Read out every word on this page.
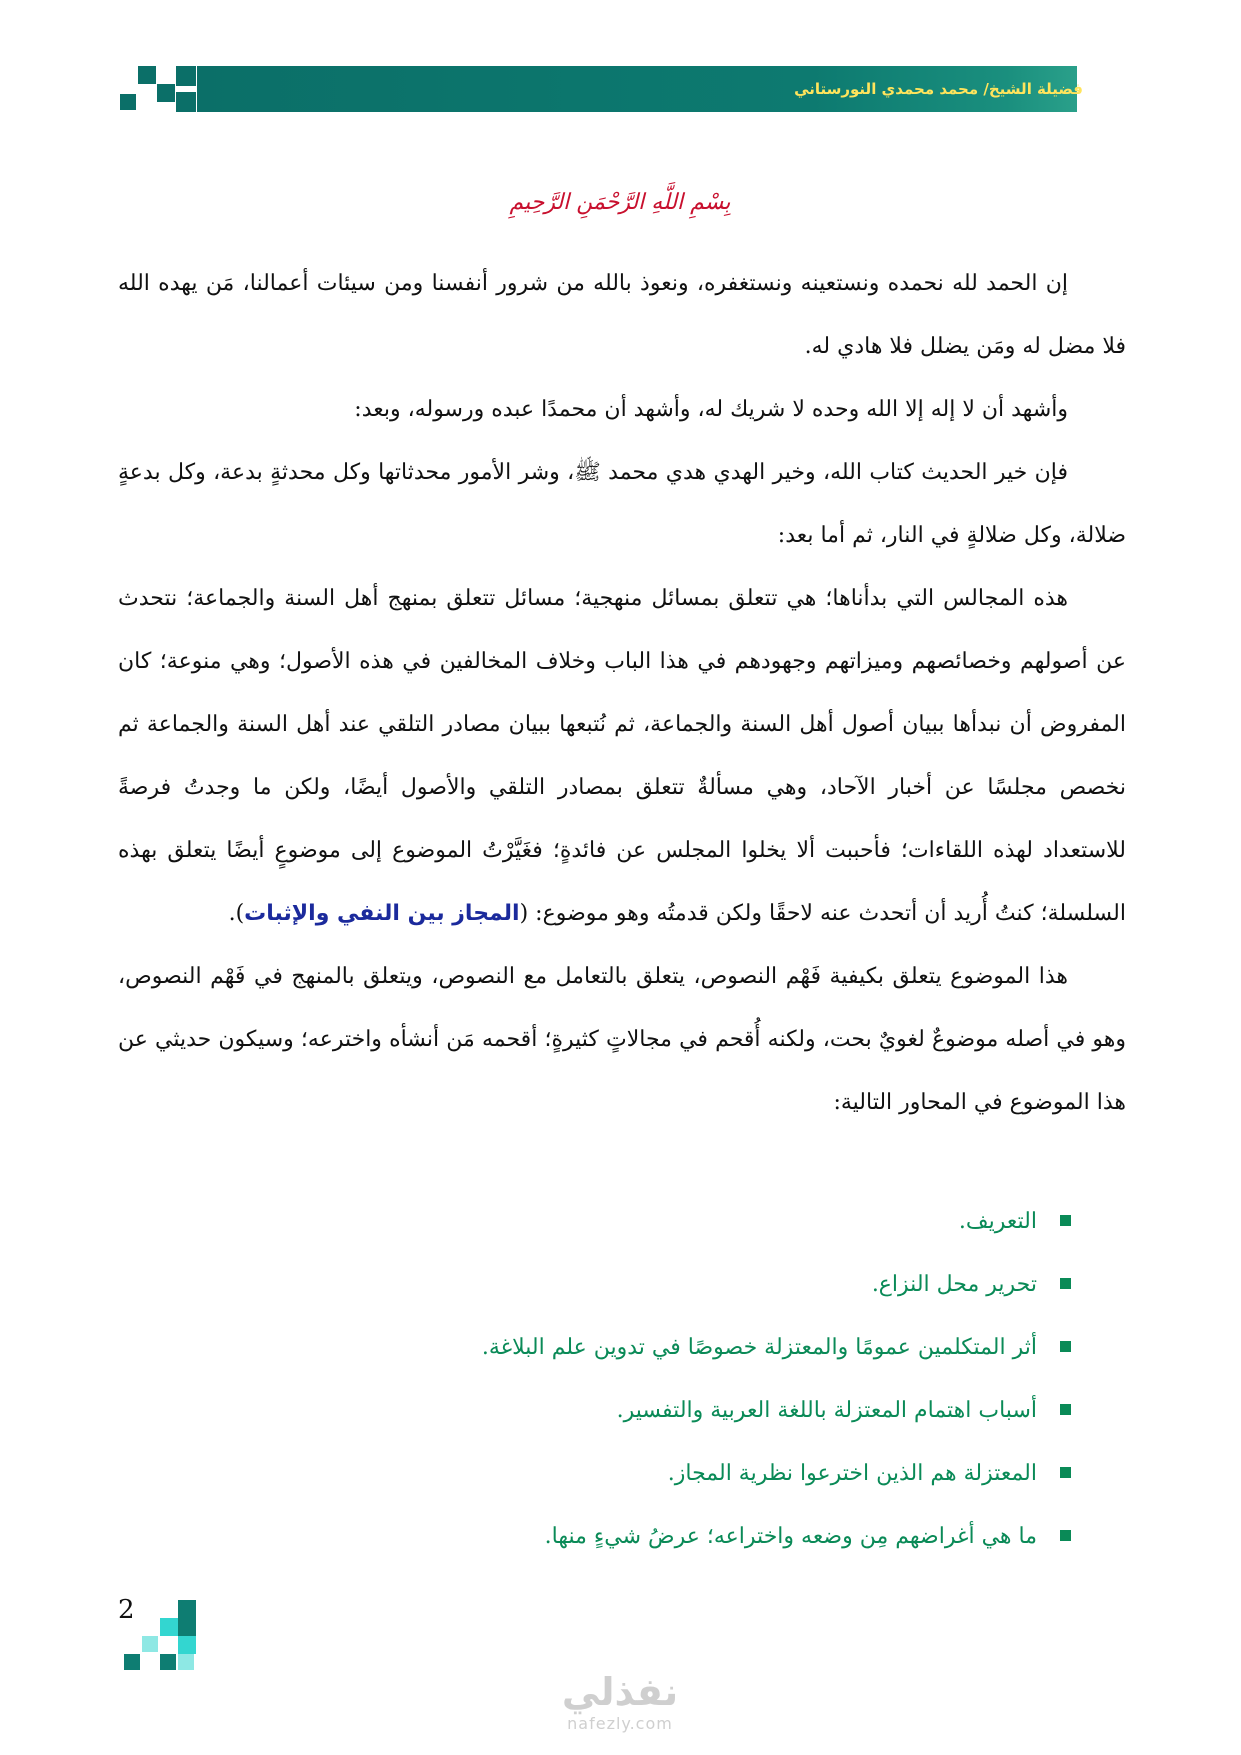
فضيلة الشيخ/ محمد محمدي النورستاني
بِسْمِ اللَّهِ الرَّحْمَنِ الرَّحِيمِ

إن الحمد لله نحمده ونستعينه ونستغفره، ونعوذ بالله من شرور أنفسنا ومن سيئات أعمالنا، مَن يهده الله فلا مضل له ومَن يضلل فلا هادي له.

وأشهد أن لا إله إلا الله وحده لا شريك له، وأشهد أن محمدًا عبده ورسوله، وبعد:

فإن خير الحديث كتاب الله، وخير الهدي هدي محمد ﷺ، وشر الأمور محدثاتها وكل محدثةٍ بدعة، وكل بدعةٍ ضلالة، وكل ضلالةٍ في النار، ثم أما بعد:

هذه المجالس التي بدأناها؛ هي تتعلق بمسائل منهجية؛ مسائل تتعلق بمنهج أهل السنة والجماعة؛ نتحدث عن أصولهم وخصائصهم وميزاتهم وجهودهم في هذا الباب وخلاف المخالفين في هذه الأصول؛ وهي منوعة؛ كان المفروض أن نبدأها ببيان أصول أهل السنة والجماعة، ثم نُتبعها ببيان مصادر التلقي عند أهل السنة والجماعة ثم نخصص مجلسًا عن أخبار الآحاد، وهي مسألةٌ تتعلق بمصادر التلقي والأصول أيضًا، ولكن ما وجدتُ فرصةً للاستعداد لهذه اللقاءات؛ فأحببت ألا يخلوا المجلس عن فائدةٍ؛ فغَيَّرْتُ الموضوع إلى موضوعٍ أيضًا يتعلق بهذه السلسلة؛ كنتُ أُريد أن أتحدث عنه لاحقًا ولكن قدمتُه وهو موضوع: (المجاز بين النفي والإثبات).

هذا الموضوع يتعلق بكيفية فَهْم النصوص، يتعلق بالتعامل مع النصوص، ويتعلق بالمنهج في فَهْم النصوص، وهو في أصله موضوعٌ لغويٌ بحت، ولكنه أُقحم في مجالاتٍ كثيرةٍ؛ أقحمه مَن أنشأه واخترعه؛ وسيكون حديثي عن هذا الموضوع في المحاور التالية:

التعريف.
تحرير محل النزاع.
أثر المتكلمين عمومًا والمعتزلة خصوصًا في تدوين علم البلاغة.
أسباب اهتمام المعتزلة باللغة العربية والتفسير.
المعتزلة هم الذين اخترعوا نظرية المجاز.
ما هي أغراضهم مِن وضعه واختراعه؛ عرضُ شيءٍ منها.
2
نفذلي
nafezly.com
